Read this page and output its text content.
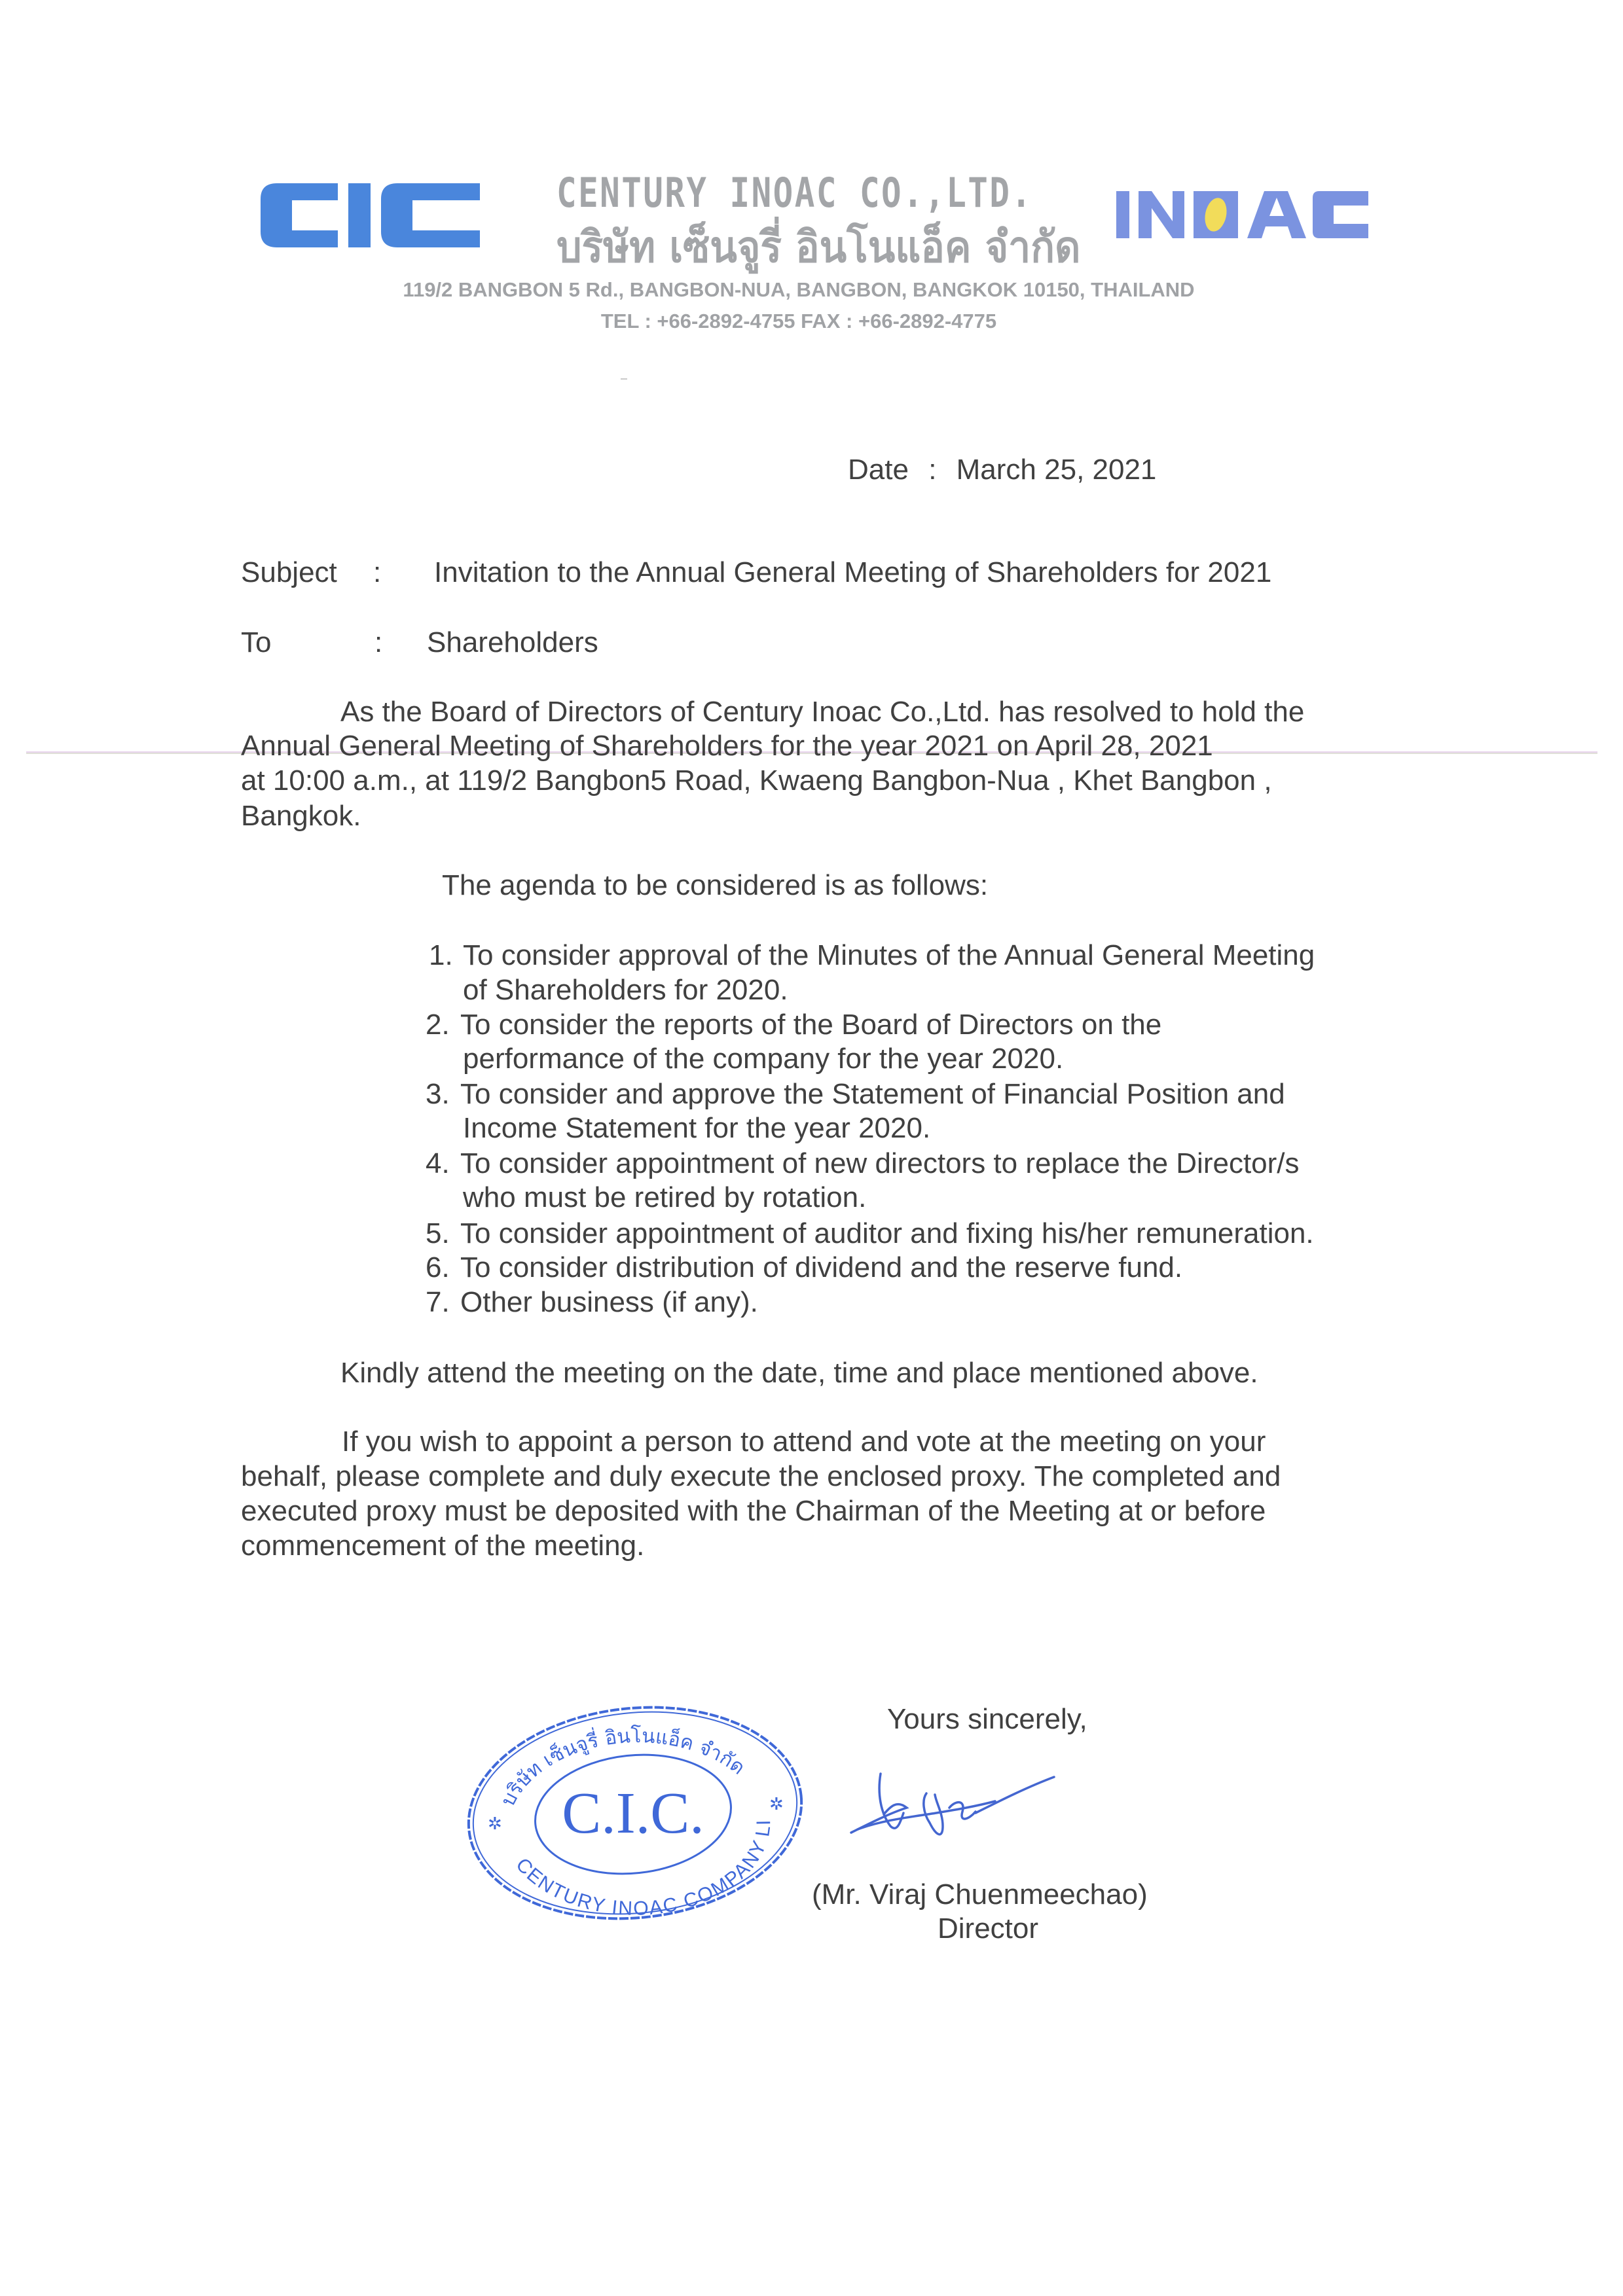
CENTURY INOAC CO.,LTD.
บริษัท เซ็นจูรี่ อินโนแอ็ค จำกัด
119/2 BANGBON 5 Rd., BANGBON-NUA, BANGBON, BANGKOK 10150, THAILAND
TEL : +66-2892-4755 FAX : +66-2892-4775
Date : March 25, 2021
Subject : Invitation to the Annual General Meeting of Shareholders for 2021
To	: Shareholders
As the Board of Directors of Century Inoac Co.,Ltd. has resolved to hold the
Annual General Meeting of Shareholders for the year 2021 on April 28, 2021
at 10:00 a.m., at 119/2 Bangbon5 Road, Kwaeng Bangbon-Nua , Khet Bangbon ,
Bangkok.
The agenda to be considered is as follows:
1. To consider approval of the Minutes of the Annual General Meeting
of Shareholders for 2020.
2. To consider the reports of the Board of Directors on the
performance of the company for the year 2020.
3. To consider and approve the Statement of Financial Position and
Income Statement for the year 2020.
4. To consider appointment of new directors to replace the Director/s
who must be retired by rotation.
5. To consider appointment of auditor and fixing his/her remuneration.
6. To consider distribution of dividend and the reserve fund.
7. Other business (if any).
Kindly attend the meeting on the date, time and place mentioned above.
If you wish to appoint a person to attend and vote at the meeting on your
behalf, please complete and duly execute the enclosed proxy. The completed and
executed proxy must be deposited with the Chairman of the Meeting at or before
commencement of the meeting.
Yours sincerely,
C.I.C.
บริษัท เซ็นจูรี่ อินโนแอ็ค จำกัด
CENTURY INOAC COMPANY LI
✲
✲
(Mr. Viraj Chuenmeechao)
Director
